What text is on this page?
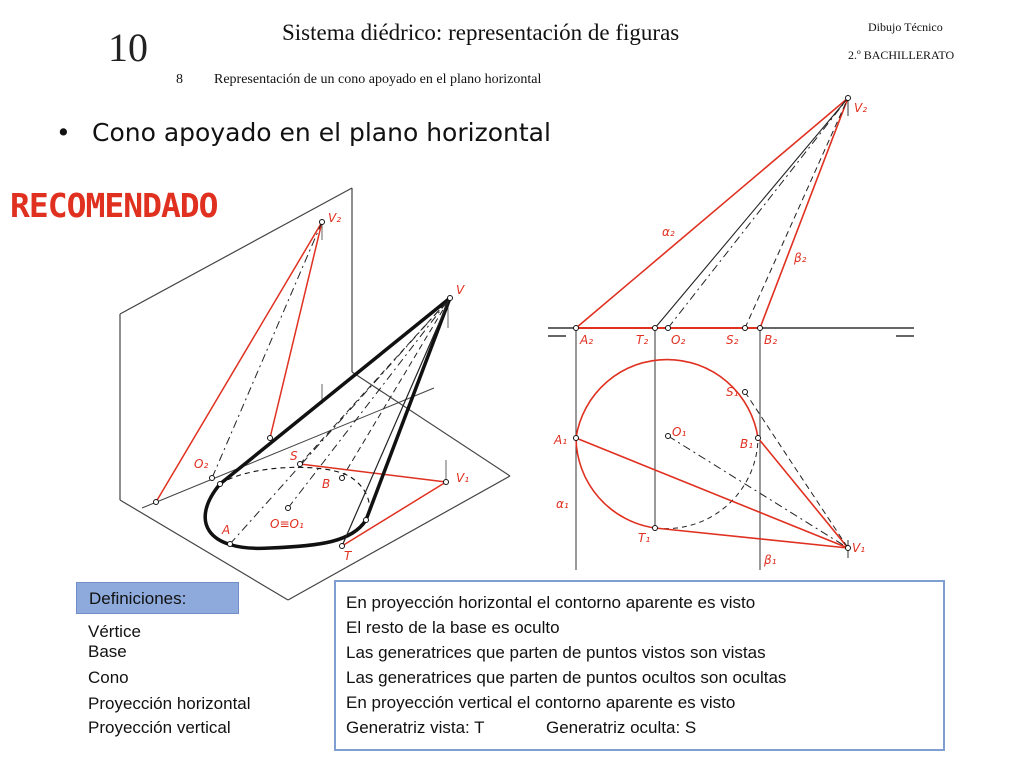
10	Sistema diédrico: representación de figuras
8 Representación de un cono apoyado en el plano horizontal
Dibujo Técnico
2.º BACHILLERATO
• Cono apoyado en el plano horizontal
RECOMENDADO	V₂
V
O₂
S
B	V₁
A	O≡O₁
T
V₂
α₂
β₂
A₂	T₂ O₂	S₂ B₂
S₁
O₁
A₁	B₁
α₁
T₁
V₁
β₁
Definiciones:
Vértice
Base
Cono
Proyección horizontal
Proyección vertical
En proyección horizontal el contorno aparente es visto
El resto de la base es oculto
Las generatrices que parten de puntos vistos son vistas
Las generatrices que parten de puntos ocultos son ocultas
En proyección vertical el contorno aparente es visto
Generatriz vista: T	Generatriz oculta: S
